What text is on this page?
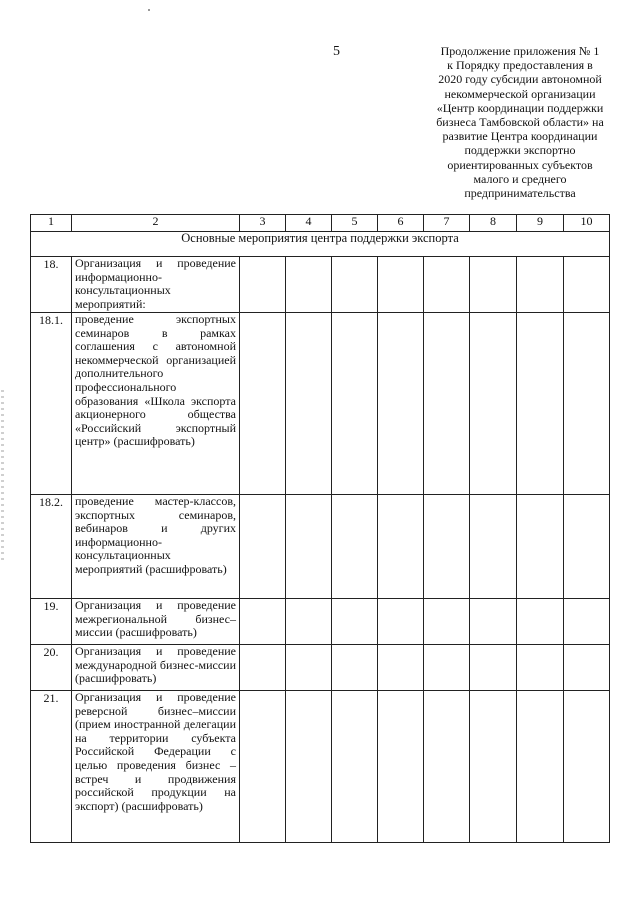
5	Продолжение приложения № 1
к Порядку предоставления в
2020 году субсидии автономной
некоммерческой организации
«Центр координации поддержки
бизнеса Тамбовской области» на
развитие Центра координации
поддержки экспортно
ориентированных субъектов
малого и среднего
предпринимательства
1	2	3	4	5	6	7	8	9	10
Основные мероприятия центра поддержки экспорта									
18.	Организация и проведение информационно-консультационных мероприятий:								
18.1.	проведение экспортных семинаров в рамках соглашения с автономной некоммерческой организацией дополнительного профессионального образования «Школа экспорта акционерного общества «Российский экспортный центр» (расшифровать)								
18.2.	проведение мастер-классов, экспортных семинаров, вебинаров и других информационно-консультационных мероприятий (расшифровать)								
19.	Организация и проведение межрегиональной бизнес–миссии (расшифровать)								
20.	Организация и проведение международной бизнес-миссии (расшифровать)								
21.	Организация и проведение реверсной бизнес–миссии (прием иностранной делегации на территории субъекта Российской Федерации с целью проведения бизнес – встреч и продвижения российской продукции на экспорт) (расшифровать)								
